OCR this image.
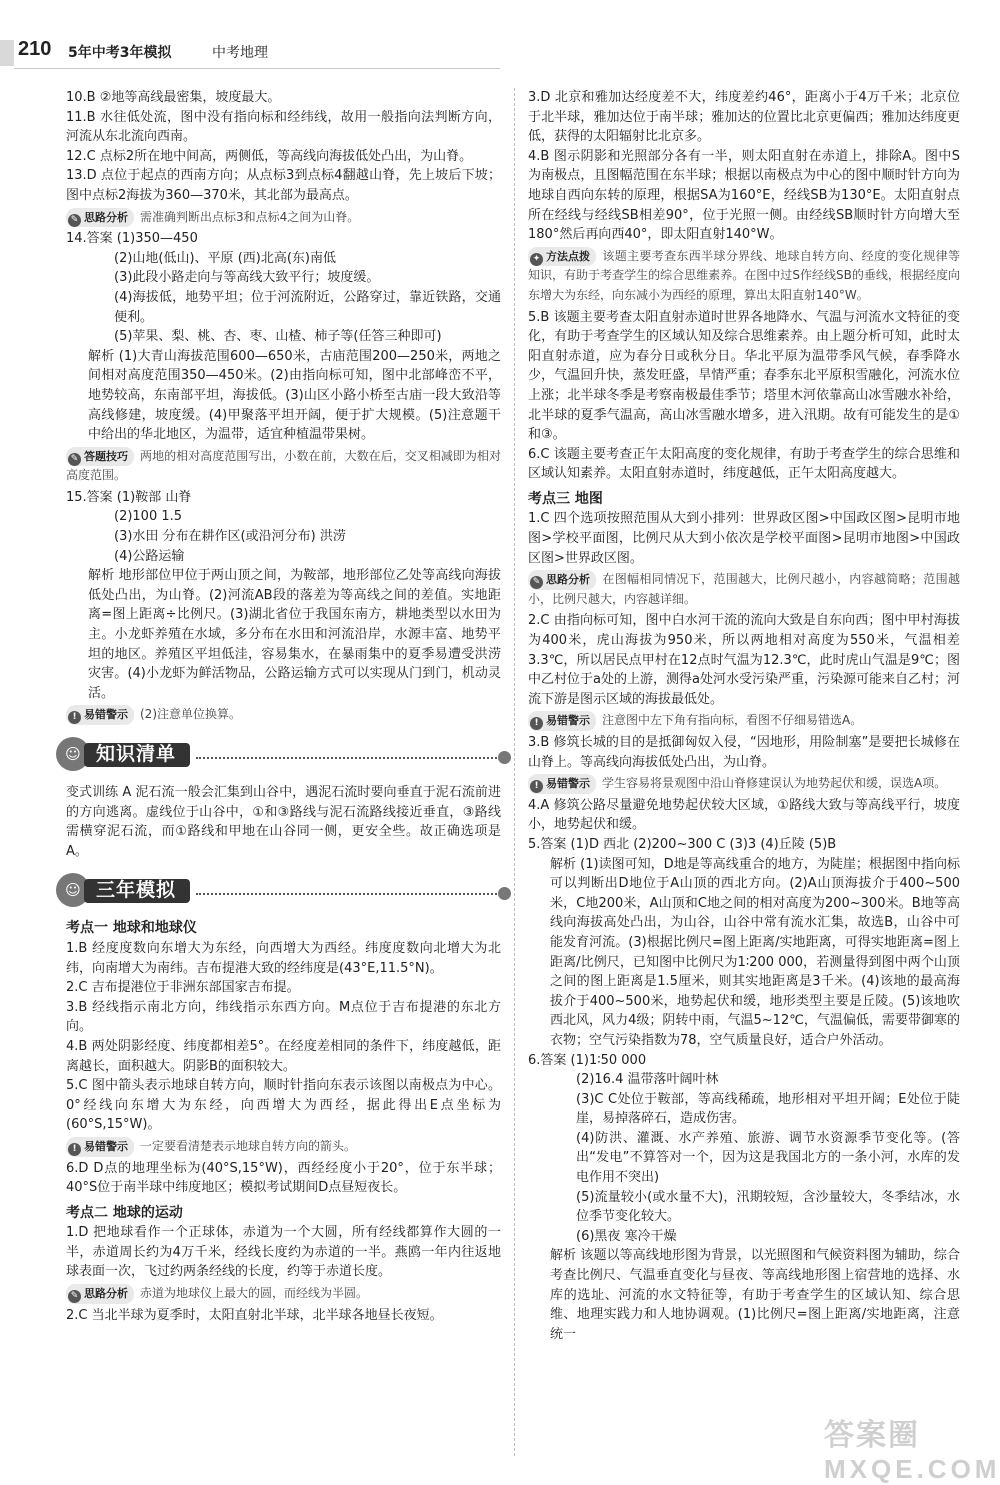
210 5年中考3年模拟	中考地理

10.B ②地等高线最密集，坡度最大。

11.B 水往低处流，图中没有指向标和经纬线，故用一般指向法判断方向，河流从东北流向西南。

12.C 点标2所在地中间高，两侧低，等高线向海拔低处凸出，为山脊。

13.D 点位于起点的西南方向；从点标3到点标4翻越山脊，先上坡后下坡；图中点标2海拔为360—370米，其北部为最高点。

✎ 思路分析 需准确判断出点标3和点标4之间为山脊。

14.答案 (1)350—450

(2)山地(低山)、平原 (西)北高(东)南低

(3)此段小路走向与等高线大致平行；坡度缓。

(4)海拔低，地势平坦；位于河流附近，公路穿过，靠近铁路，交通便利。

(5)苹果、梨、桃、杏、枣、山楂、柿子等(任答三种即可)

解析 (1)大青山海拔范围600—650米，古庙范围200—250米，两地之间相对高度范围350—450米。(2)由指向标可知，图中北部峰峦不平，地势较高，东南部平坦，海拔低。(3)山区小路小桥至古庙一段大致沿等高线修建，坡度缓。(4)甲聚落平坦开阔，便于扩大规模。(5)注意题干中给出的华北地区，为温带，适宜种植温带果树。

✎ 答题技巧 两地的相对高度范围写出，小数在前，大数在后，交叉相减即为相对高度范围。

15.答案 (1)鞍部 山脊

(2)100 1.5

(3)水田 分布在耕作区(或沿河分布) 洪涝

(4)公路运输

解析 地形部位甲位于两山顶之间，为鞍部，地形部位乙处等高线向海拔低处凸出，为山脊。(2)河流AB段的落差为等高线之间的差值。实地距离=图上距离÷比例尺。(3)湖北省位于我国东南方，耕地类型以水田为主。小龙虾养殖在水域，多分布在水田和河流沿岸，水源丰富、地势平坦的地区。养殖区平坦低洼，容易集水，在暴雨集中的夏季易遭受洪涝灾害。(4)小龙虾为鲜活物品，公路运输方式可以实现从门到门，机动灵活。

! 易错警示 (2)注意单位换算。

☺ 知识清单

变式训练 A 泥石流一般会汇集到山谷中，遇泥石流时要向垂直于泥石流前进的方向逃离。虚线位于山谷中，①和③路线与泥石流路线接近垂直，③路线需横穿泥石流，而①路线和甲地在山谷同一侧，更安全些。故正确选项是A。

☺ 三年模拟

考点一 地球和地球仪

1.B 经度度数向东增大为东经，向西增大为西经。纬度度数向北增大为北纬，向南增大为南纬。吉布提港大致的经纬度是(43°E,11.5°N)。

2.C 吉布提港位于非洲东部国家吉布提。

3.B 经线指示南北方向，纬线指示东西方向。M点位于吉布提港的东北方向。

4.B 两处阴影经度、纬度都相差5°。在经度差相同的条件下，纬度越低，距离越长，面积越大。阴影B的面积较大。

5.C 图中箭头表示地球自转方向，顺时针指向东表示该图以南极点为中心。0°经线向东增大为东经，向西增大为西经，据此得出E点坐标为(60°S,15°W)。

! 易错警示 一定要看清楚表示地球自转方向的箭头。

6.D D点的地理坐标为(40°S,15°W)，西经经度小于20°，位于东半球；40°S位于南半球中纬度地区；模拟考试期间D点昼短夜长。

考点二 地球的运动

1.D 把地球看作一个正球体，赤道为一个大圆，所有经线都算作大圆的一半，赤道周长约为4万千米，经线长度约为赤道的一半。燕鸥一年内往返地球表面一次，飞过约两条经线的长度，约等于赤道长度。

✎ 思路分析 赤道为地球仪上最大的圆，而经线为半圆。

2.C 当北半球为夏季时，太阳直射北半球，北半球各地昼长夜短。

3.D 北京和雅加达经度差不大，纬度差约46°，距离小于4万千米；北京位于北半球，雅加达位于南半球；雅加达的位置比北京更偏西；雅加达纬度更低，获得的太阳辐射比北京多。

4.B 图示阴影和光照部分各有一半，则太阳直射在赤道上，排除A。图中S为南极点，且图幅范围在东半球；根据以南极点为中心的图中顺时针方向为地球自西向东转的原理，根据SA为160°E，经线SB为130°E。太阳直射点所在经线与经线SB相差90°，位于光照一侧。由经线SB顺时针方向增大至180°然后再向西40°，即太阳直射140°W。

✦ 方法点拨 该题主要考查东西半球分界线、地球自转方向、经度的变化规律等知识，有助于考查学生的综合思维素养。在图中过S作经线SB的垂线，根据经度向东增大为东经，向东减小为西经的原理，算出太阳直射140°W。

5.B 该题主要考查太阳直射赤道时世界各地降水、气温与河流水文特征的变化，有助于考查学生的区域认知及综合思维素养。由上题分析可知，此时太阳直射赤道，应为春分日或秋分日。华北平原为温带季风气候，春季降水少，气温回升快，蒸发旺盛，旱情严重；春季东北平原积雪融化，河流水位上涨；北半球冬季是考察南极最佳季节；塔里木河依靠高山冰雪融水补给，北半球的夏季气温高，高山冰雪融水增多，进入汛期。故有可能发生的是①和③。

6.C 该题主要考查正午太阳高度的变化规律，有助于考查学生的综合思维和区域认知素养。太阳直射赤道时，纬度越低，正午太阳高度越大。

考点三 地图

1.C 四个选项按照范围从大到小排列：世界政区图>中国政区图>昆明市地图>学校平面图，比例尺从大到小依次是学校平面图>昆明市地图>中国政区图>世界政区图。

✎ 思路分析 在图幅相同情况下，范围越大，比例尺越小，内容越简略；范围越小，比例尺越大，内容越详细。

2.C 由指向标可知，图中白水河干流的流向大致是自东向西；图中甲村海拔为400米，虎山海拔为950米，所以两地相对高度为550米，气温相差3.3℃，所以居民点甲村在12点时气温为12.3℃，此时虎山气温是9℃；图中乙村位于a处的上游，测得a处河水受污染严重，污染源可能来自乙村；河流下游是图示区域的海拔最低处。

! 易错警示 注意图中左下角有指向标，看图不仔细易错选A。

3.B 修筑长城的目的是抵御匈奴入侵，“因地形，用险制塞”是要把长城修在山脊上。等高线向海拔低处凸出，为山脊。

! 易错警示 学生容易将景观图中沿山脊修建误认为地势起伏和缓，误选A项。

4.A 修筑公路尽量避免地势起伏较大区域，①路线大致与等高线平行，坡度小，地势起伏和缓。

5.答案 (1)D 西北 (2)200~300 C (3)3 (4)丘陵 (5)B

解析 (1)读图可知，D地是等高线重合的地方，为陡崖；根据图中指向标可以判断出D地位于A山顶的西北方向。(2)A山顶海拔介于400~500米，C地200米，A山顶和C地之间的相对高度为200~300米。B地等高线向海拔高处凸出，为山谷，山谷中常有流水汇集，故选B，山谷中可能发育河流。(3)根据比例尺=图上距离/实地距离，可得实地距离=图上距离/比例尺，已知图中比例尺为1∶200 000，若测量得到图中两个山顶之间的图上距离是1.5厘米，则其实地距离是3千米。(4)该地的最高海拔介于400~500米，地势起伏和缓，地形类型主要是丘陵。(5)该地吹西北风，风力4级；阴转中雨，气温5~12℃，气温偏低，需要带御寒的衣物；空气污染指数为78，空气质量良好，适合户外活动。

6.答案 (1)1∶50 000

(2)16.4 温带落叶阔叶林

(3)C C处位于鞍部，等高线稀疏，地形相对平坦开阔；E处位于陡崖，易掉落碎石，造成伤害。

(4)防洪、灌溉、水产养殖、旅游、调节水资源季节变化等。(答出“发电”不算答对一个，因为这是我国北方的一条小河，水库的发电作用不突出)

(5)流量较小(或水量不大)，汛期较短，含沙量较大，冬季结冰，水位季节变化较大。

(6)黑夜 寒冷干燥

解析 该题以等高线地形图为背景，以光照图和气候资料图为辅助，综合考查比例尺、气温垂直变化与昼夜、等高线地形图上宿营地的选择、水库的选址、河流的水文特征等，有助于考查学生的区域认知、综合思维、地理实践力和人地协调观。(1)比例尺=图上距离/实地距离，注意统一

答案圈
MXQE.COM
